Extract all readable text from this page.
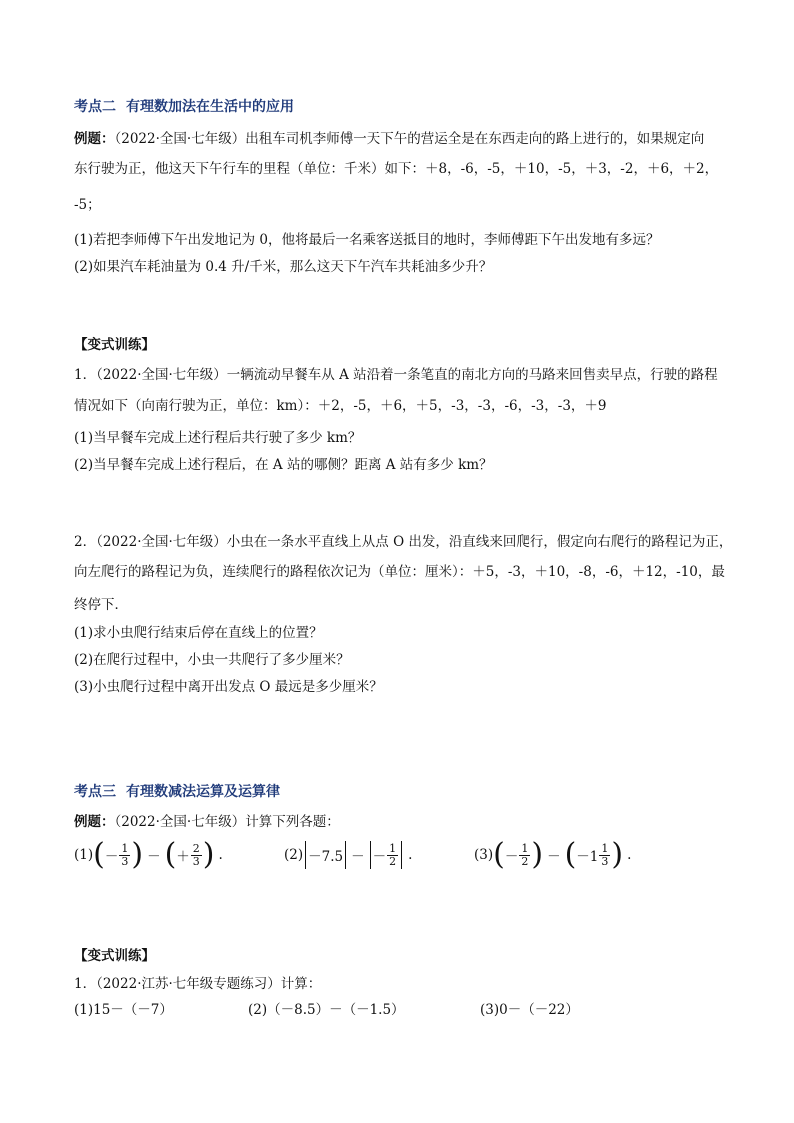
考点二 有理数加法在生活中的应用
例题：（2022·全国·七年级）出租车司机李师傅一天下午的营运全是在东西走向的路上进行的，如果规定向
东行驶为正，他这天下午行车的里程（单位：千米）如下：＋8，-6，-5，＋10，-5，＋3，-2，＋6，＋2，
-5；
(1)若把李师傅下午出发地记为 0，他将最后一名乘客送抵目的地时，李师傅距下午出发地有多远？
(2)如果汽车耗油量为 0.4 升/千米，那么这天下午汽车共耗油多少升？
【变式训练】
1．（2022·全国·七年级）一辆流动早餐车从 A 站沿着一条笔直的南北方向的马路来回售卖早点，行驶的路程
情况如下（向南行驶为正，单位：km）：＋2，-5，＋6，＋5，-3，-3，-6，-3，-3，＋9
(1)当早餐车完成上述行程后共行驶了多少 km？
(2)当早餐车完成上述行程后，在 A 站的哪侧？距离 A 站有多少 km？
2．（2022·全国·七年级）小虫在一条水平直线上从点 O 出发，沿直线来回爬行，假定向右爬行的路程记为正，
向左爬行的路程记为负，连续爬行的路程依次记为（单位：厘米）：＋5，-3，＋10，-8，-6，＋12，-10，最
终停下．
(1)求小虫爬行结束后停在直线上的位置？
(2)在爬行过程中，小虫一共爬行了多少厘米？
(3)小虫爬行过程中离开出发点 O 最远是多少厘米？
考点三 有理数减法运算及运算律
例题：（2022·全国·七年级）计算下列各题：
(1) ( － $\frac{1}{3}$ ) － ( ＋ $\frac{2}{3}$ ) .	(2) －7.5 － － $\frac{1}{2}$ .	(3) ( － $\frac{1}{2}$ ) － ( $-1 \frac{1}{3}$ ) .
【变式训练】
1．（2022·江苏·七年级专题练习）计算：
(1)15－（－7）	(2)（－8.5）－（－1.5）	(3)0－（－22）
